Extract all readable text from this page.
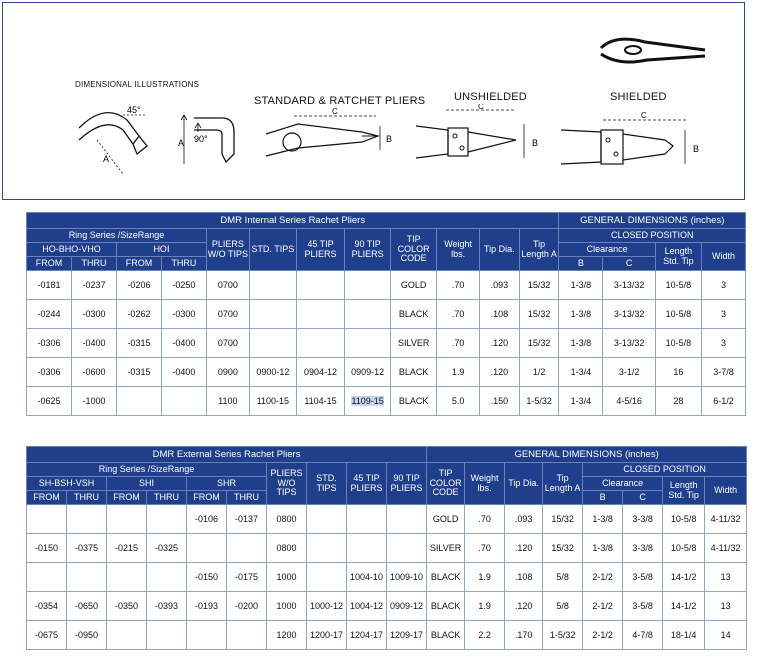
DIMENSIONAL ILLUSTRATIONS
STANDARD & RATCHET PLIERS	UNSHIELDED	SHIELDED
45°
A
A 90°
C
B
C
B
C
B
DMR Internal Series Rachet Pliers												GENERAL DIMENSIONS (inches)			
Ring Series /SizeRange				PLIERS W/O TIPS	STD. TIPS	45 TIP PLIERS	90 TIP PLIERS	TIP COLOR CODE	Weight lbs.	Tip Dia.	Tip Length A	CLOSED POSITION			
HO-BHO-VHO		HOI										Clearance		Length Std. Tip	Width
FROM	THRU	FROM	THRU									B	C		
-0181	-0237	-0206	-0250	0700				GOLD	.70	.093	15/32	1-3/8	3-13/32	10-5/8	3
-0244	-0300	-0262	-0300	0700				BLACK	.70	.108	15/32	1-3/8	3-13/32	10-5/8	3
-0306	-0400	-0315	-0400	0700				SILVER	.70	.120	15/32	1-3/8	3-13/32	10-5/8	3
-0306	-0600	-0315	-0400	0900	0900-12	0904-12	0909-12	BLACK	1.9	.120	1/2	1-3/4	3-1/2	16	3-7/8
-0625	-1000			1100	1100-15	1104-15	1109-15	BLACK	5.0	.150	1-5/32	1-3/4	4-5/16	28	6-1/2
DMR External Series Rachet Pliers										GENERAL DIMENSIONS (inches)							
Ring Series /SizeRange						PLIERS W/O TIPS	STD. TIPS	45 TIP PLIERS	90 TIP PLIERS	TIP COLOR CODE	Weight lbs.	Tip Dia.	Tip Length A	CLOSED POSITION			
SH-BSH-VSH		SHI		SHR										Clearance		Length Std. Tip	Width
FROM	THRU	FROM	THRU	FROM	THRU									B	C		
				-0106	-0137	0800				GOLD	.70	.093	15/32	1-3/8	3-3/8	10-5/8	4-11/32
-0150	-0375	-0215	-0325			0800				SILVER	.70	.120	15/32	1-3/8	3-3/8	10-5/8	4-11/32
				-0150	-0175	1000		1004-10	1009-10	BLACK	1.9	.108	5/8	2-1/2	3-5/8	14-1/2	13
-0354	-0650	-0350	-0393	-0193	-0200	1000	1000-12	1004-12	0909-12	BLACK	1.9	.120	5/8	2-1/2	3-5/8	14-1/2	13
-0675	-0950					1200	1200-17	1204-17	1209-17	BLACK	2.2	.170	1-5/32	2-1/2	4-7/8	18-1/4	14
